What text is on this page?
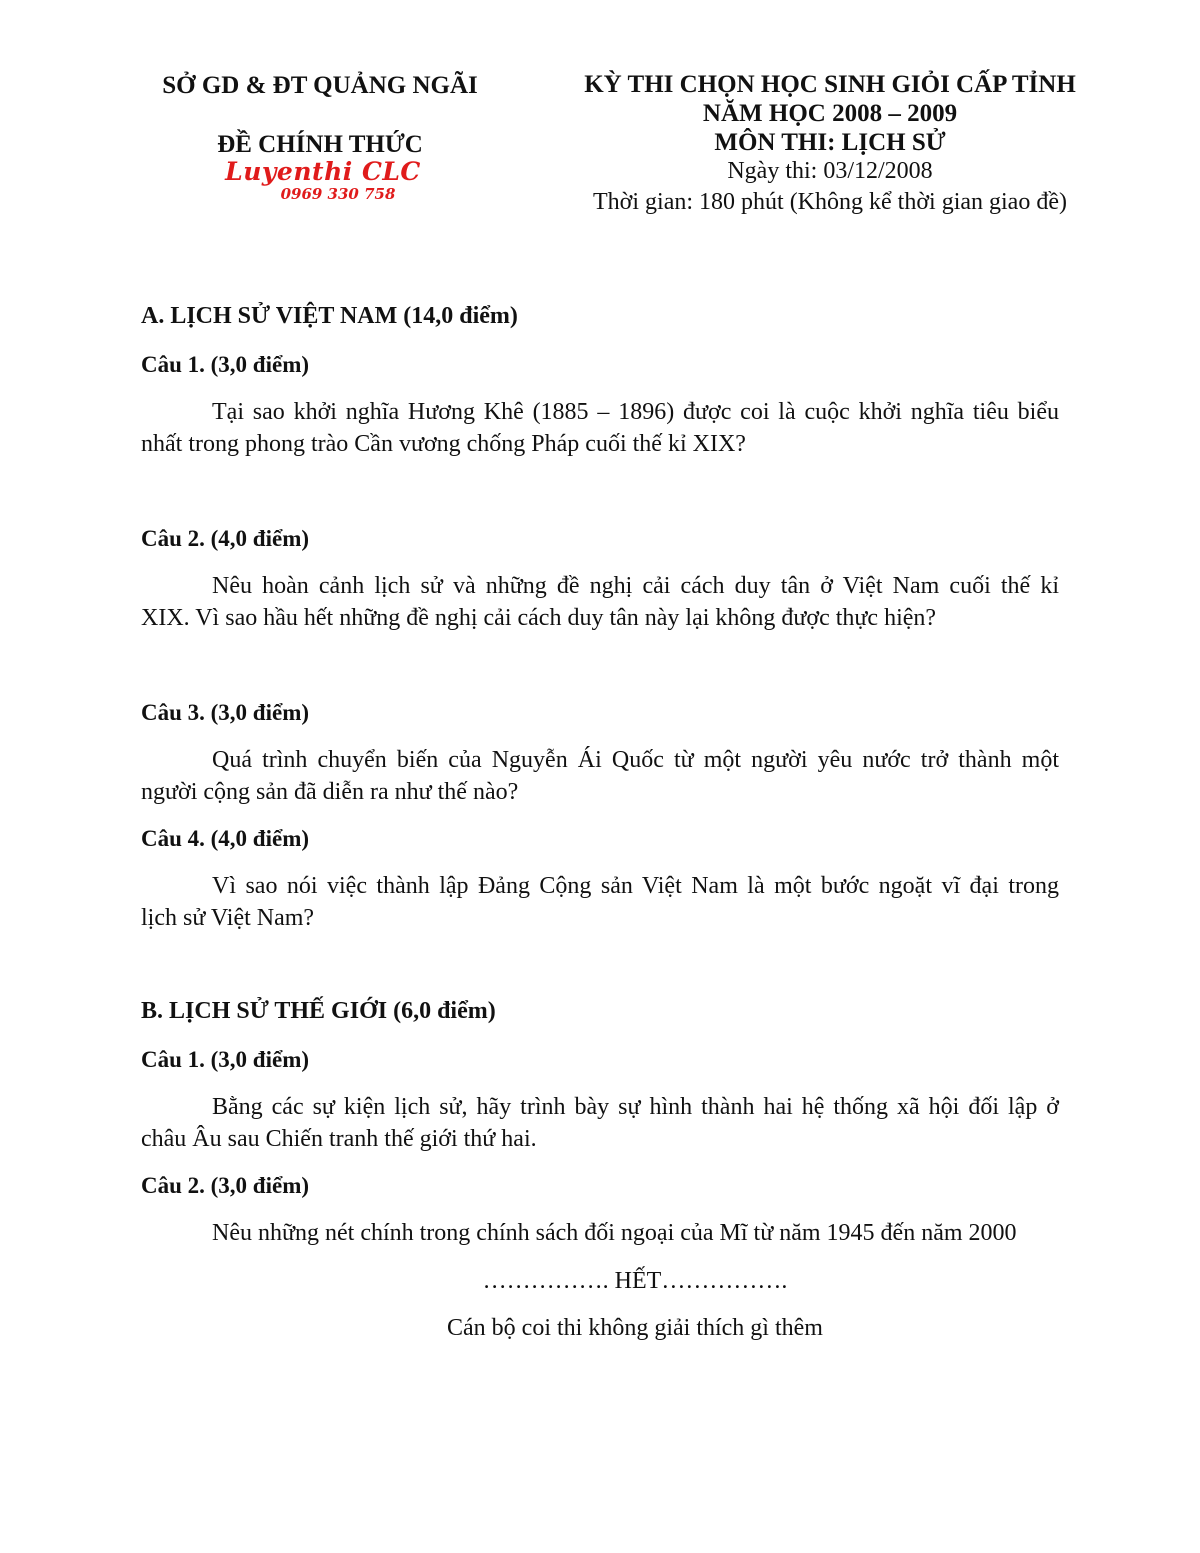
SỞ GD & ĐT QUẢNG NGÃI
ĐỀ CHÍNH THỨC
Luyenthi CLC
0969 330 758
KỲ THI CHỌN HỌC SINH GIỎI CẤP TỈNH
NĂM HỌC 2008 – 2009
MÔN THI: LỊCH SỬ
Ngày thi: 03/12/2008
Thời gian: 180 phút (Không kể thời gian giao đề)
A. LỊCH SỬ VIỆT NAM (14,0 điểm)
Câu 1. (3,0 điểm)
Tại sao khởi nghĩa Hương Khê (1885 – 1896) được coi là cuộc khởi nghĩa tiêu biểu
nhất trong phong trào Cần vương chống Pháp cuối thế kỉ XIX?
Câu 2. (4,0 điểm)
Nêu hoàn cảnh lịch sử và những đề nghị cải cách duy tân ở Việt Nam cuối thế kỉ
XIX. Vì sao hầu hết những đề nghị cải cách duy tân này lại không được thực hiện?
Câu 3. (3,0 điểm)
Quá trình chuyển biến của Nguyễn Ái Quốc từ một người yêu nước trở thành một
người cộng sản đã diễn ra như thế nào?
Câu 4. (4,0 điểm)
Vì sao nói việc thành lập Đảng Cộng sản Việt Nam là một bước ngoặt vĩ đại trong
lịch sử Việt Nam?
B. LỊCH SỬ THẾ GIỚI (6,0 điểm)
Câu 1. (3,0 điểm)
Bằng các sự kiện lịch sử, hãy trình bày sự hình thành hai hệ thống xã hội đối lập ở
châu Âu sau Chiến tranh thế giới thứ hai.
Câu 2. (3,0 điểm)
Nêu những nét chính trong chính sách đối ngoại của Mĩ từ năm 1945 đến năm 2000
……………. HẾT…………….
Cán bộ coi thi không giải thích gì thêm
